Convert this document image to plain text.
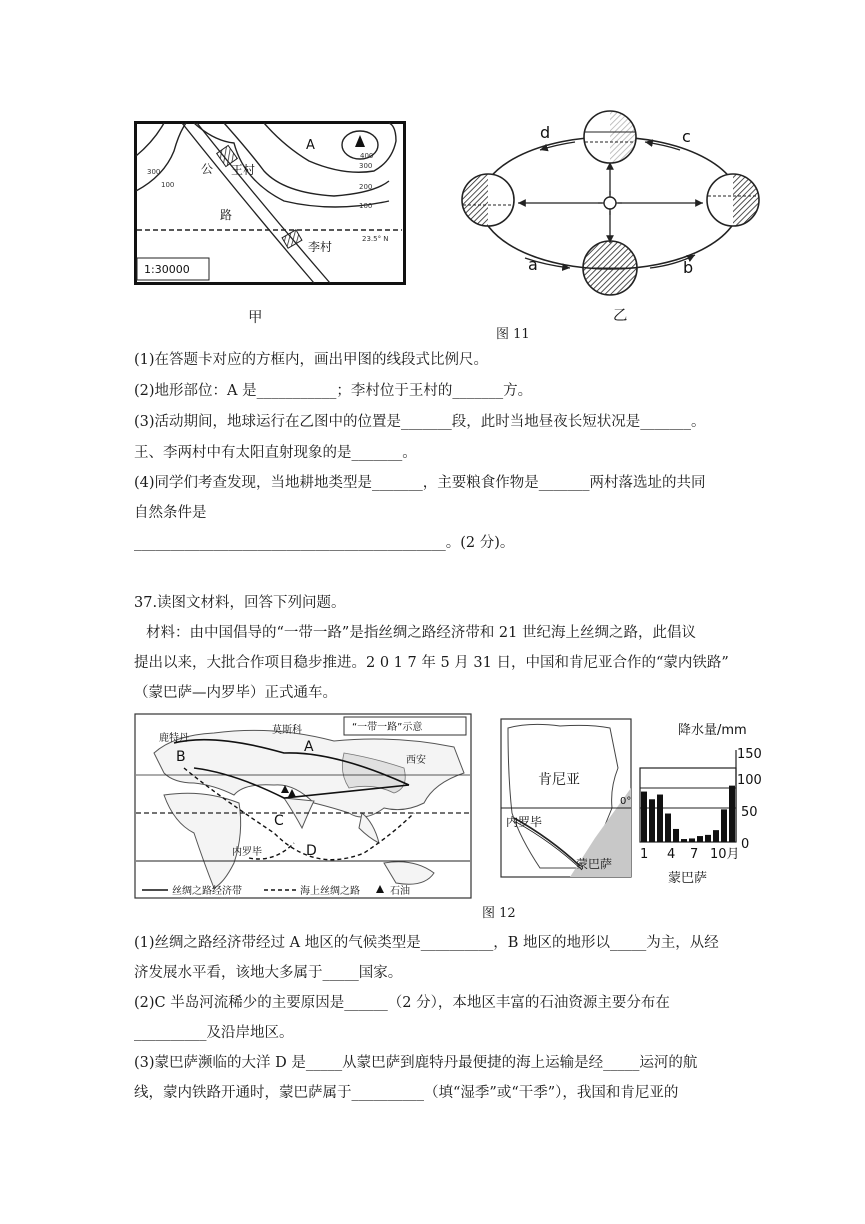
A
王村
李村
公
路
400
300
200
100
300
100
23.5° N
1:30000
甲
d	c
a	b
乙
图 11
(1)在答题卡对应的方框内，画出甲图的线段式比例尺。
(2)地形部位：A 是___________；李村位于王村的_______方。
(3)活动期间，地球运行在乙图中的位置是_______段，此时当地昼夜长短状况是_______。
王、李两村中有太阳直射现象的是_______。
(4)同学们考查发现，当地耕地类型是_______，主要粮食作物是_______两村落选址的共同
自然条件是
___________________________________________。(2 分)。
37.读图文材料，回答下列问题。
材料：由中国倡导的“一带一路”是指丝绸之路经济带和 21 世纪海上丝绸之路，此倡议
提出以来，大批合作项目稳步推进。2 0 1 7 年 5 月 31 日，中国和肯尼亚合作的“蒙内铁路”
（蒙巴萨—内罗毕）正式通车。
“一带一路”示意
莫斯科
鹿特丹
西安
内罗毕
A
B
C
D
丝绸之路经济带	海上丝绸之路	石油
肯尼亚
内罗毕
蒙巴萨
0°
降水量/mm
150
100
50
0
1 4 7 10月
蒙巴萨
图 12
(1)丝绸之路经济带经过 A 地区的气候类型是__________，B 地区的地形以_____为主，从经
济发展水平看，该地大多属于_____国家。
(2)C 半岛河流稀少的主要原因是______（2 分），本地区丰富的石油资源主要分布在
__________及沿岸地区。
(3)蒙巴萨濒临的大洋 D 是_____从蒙巴萨到鹿特丹最便捷的海上运输是经_____运河的航
线，蒙内铁路开通时，蒙巴萨属于__________（填“湿季”或“干季”），我国和肯尼亚的
